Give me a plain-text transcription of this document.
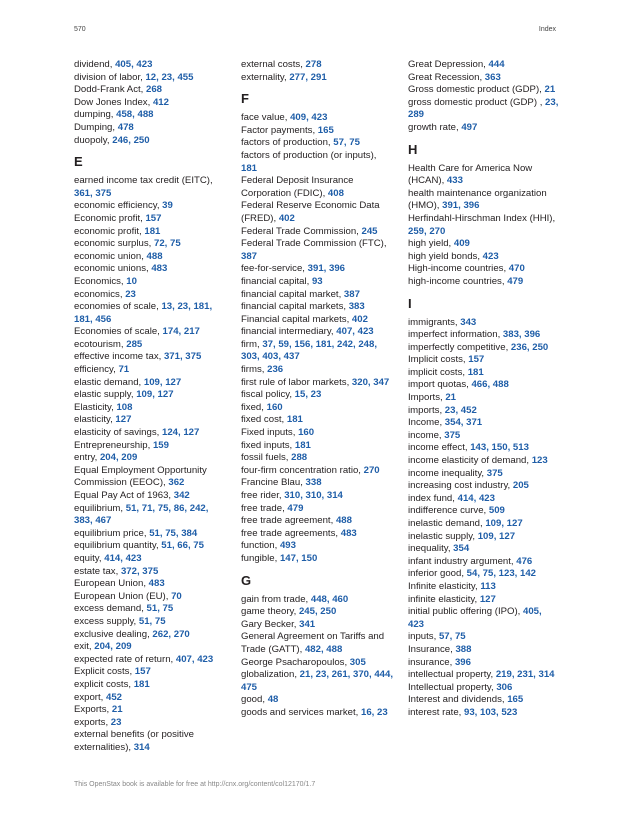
570	Index
dividend, 405, 423
division of labor, 12, 23, 455
Dodd-Frank Act, 268
Dow Jones Index, 412
dumping, 458, 488
Dumping, 478
duopoly, 246, 250
E
earned income tax credit (EITC), 361, 375
economic efficiency, 39
Economic profit, 157
economic profit, 181
economic surplus, 72, 75
economic union, 488
economic unions, 483
Economics, 10
economics, 23
economies of scale, 13, 23, 181, 181, 456
Economies of scale, 174, 217
ecotourism, 285
effective income tax, 371, 375
efficiency, 71
elastic demand, 109, 127
elastic supply, 109, 127
Elasticity, 108
elasticity, 127
elasticity of savings, 124, 127
Entrepreneurship, 159
entry, 204, 209
Equal Employment Opportunity Commission (EEOC), 362
Equal Pay Act of 1963, 342
equilibrium, 51, 71, 75, 86, 242, 383, 467
equilibrium price, 51, 75, 384
equilibrium quantity, 51, 66, 75
equity, 414, 423
estate tax, 372, 375
European Union, 483
European Union (EU), 70
excess demand, 51, 75
excess supply, 51, 75
exclusive dealing, 262, 270
exit, 204, 209
expected rate of return, 407, 423
Explicit costs, 157
explicit costs, 181
export, 452
Exports, 21
exports, 23
external benefits (or positive externalities), 314
external costs, 278
externality, 277, 291
F
face value, 409, 423
Factor payments, 165
factors of production, 57, 75
factors of production (or inputs), 181
Federal Deposit Insurance Corporation (FDIC), 408
Federal Reserve Economic Data (FRED), 402
Federal Trade Commission, 245
Federal Trade Commission (FTC), 387
fee-for-service, 391, 396
financial capital, 93
financial capital market, 387
financial capital markets, 383
Financial capital markets, 402
financial intermediary, 407, 423
firm, 37, 59, 156, 181, 242, 248, 303, 403, 437
firms, 236
first rule of labor markets, 320, 347
fiscal policy, 15, 23
fixed, 160
fixed cost, 181
Fixed inputs, 160
fixed inputs, 181
fossil fuels, 288
four-firm concentration ratio, 270
Francine Blau, 338
free rider, 310, 310, 314
free trade, 479
free trade agreement, 488
free trade agreements, 483
function, 493
fungible, 147, 150
G
gain from trade, 448, 460
game theory, 245, 250
Gary Becker, 341
General Agreement on Tariffs and Trade (GATT), 482, 488
George Psacharopoulos, 305
globalization, 21, 23, 261, 370, 444, 475
good, 48
goods and services market, 16, 23
Great Depression, 444
Great Recession, 363
Gross domestic product (GDP), 21
gross domestic product (GDP) , 23, 289
growth rate, 497
H
Health Care for America Now (HCAN), 433
health maintenance organization (HMO), 391, 396
Herfindahl-Hirschman Index (HHI), 259, 270
high yield, 409
high yield bonds, 423
High-income countries, 470
high-income countries, 479
I
immigrants, 343
imperfect information, 383, 396
imperfectly competitive, 236, 250
Implicit costs, 157
implicit costs, 181
import quotas, 466, 488
Imports, 21
imports, 23, 452
Income, 354, 371
income, 375
income effect, 143, 150, 513
income elasticity of demand, 123
income inequality, 375
increasing cost industry, 205
index fund, 414, 423
indifference curve, 509
inelastic demand, 109, 127
inelastic supply, 109, 127
inequality, 354
infant industry argument, 476
inferior good, 54, 75, 123, 142
Infinite elasticity, 113
infinite elasticity, 127
initial public offering (IPO), 405, 423
inputs, 57, 75
Insurance, 388
insurance, 396
intellectual property, 219, 231, 314
Intellectual property, 306
Interest and dividends, 165
interest rate, 93, 103, 523
This OpenStax book is available for free at http://cnx.org/content/col12170/1.7
